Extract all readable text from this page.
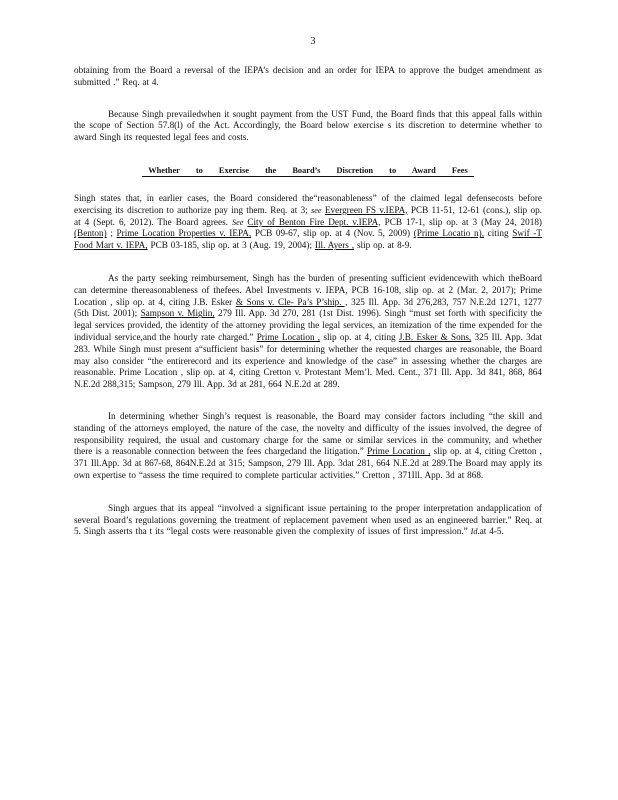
3

obtaining from the Board a reversal of the IEPA’s decision and an order for IEPA to approve the budget amendment as submitted .” Req. at 4.

Because Singh prevailedwhen it sought payment from the UST Fund, the Board finds that this appeal falls within the scope of Section 57.8(l) of the Act. Accordingly, the Board below exercise s its discretion to determine whether to award Singh its requested legal fees and costs.

Whether to Exercise the Board’s Discretion to Award Fees

Singh states that, in earlier cases, the Board considered the“reasonableness” of the claimed legal defensecosts before exercising its discretion to authorize pay ing them. Req. at 3; see Evergreen FS v.IEPA, PCB 11-51, 12-61 (cons.), slip op. at 4 (Sept. 6, 2012). The Board agrees. See City of Benton Fire Dept. v.IEPA, PCB 17-1, slip op. at 3 (May 24, 2018) (Benton) ; Prime Location Properties v. IEPA, PCB 09-67, slip op. at 4 (Nov. 5, 2009) (Prime Locatio n), citing Swif -T Food Mart v. IEPA, PCB 03-185, slip op. at 3 (Aug. 19, 2004); Ill. Ayers , slip op. at 8-9.

As the party seeking reimbursement, Singh has the burden of presenting sufficient evidencewith which theBoard can determine thereasonableness of thefees. Abel Investments v. IEPA, PCB 16-108, slip op. at 2 (Mar. 2, 2017); Prime Location , slip op. at 4, citing J.B. Esker & Sons v. Cle- Pa’s P’ship. , 325 Ill. App. 3d 276,283, 757 N.E.2d 1271, 1277 (5th Dist. 2001); Sampson v. Miglin, 279 Ill. App. 3d 270, 281 (1st Dist. 1996). Singh “must set forth with specificity the legal services provided, the identity of the attorney providing the legal services, an itemization of the time expended for the individual service,and the hourly rate charged.” Prime Location , slip op. at 4, citing J.B. Esker & Sons, 325 Ill. App. 3dat 283. While Singh must present a“sufficient basis” for determining whether the requested charges are reasonable, the Board may also consider “the entirerecord and its experience and knowledge of the case” in assessing whether the charges are reasonable. Prime Location , slip op. at 4, citing Cretton v. Protestant Mem’l. Med. Cent., 371 Ill. App. 3d 841, 868, 864 N.E.2d 288,315; Sampson, 279 Ill. App. 3d at 281, 664 N.E.2d at 289.

In determining whether Singh’s request is reasonable, the Board may consider factors including “the skill and standing of the attorneys employed, the nature of the case, the novelty and difficulty of the issues involved, the degree of responsibility required, the usual and customary charge for the same or similar services in the community, and whether there is a reasonable connection between the fees chargedand the litigation.” Prime Location , slip op. at 4, citing Cretton , 371 Ill.App. 3d at 867-68, 864N.E.2d at 315; Sampson, 279 Ill. App. 3dat 281, 664 N.E.2d at 289.The Board may apply its own expertise to “assess the time required to complete particular activities.” Cretton , 371Ill. App. 3d at 868.

Singh argues that its appeal “involved a significant issue pertaining to the proper interpretation andapplication of several Board’s regulations governing the treatment of replacement pavement when used as an engineered barrier.” Req. at 5. Singh asserts tha t its “legal costs were reasonable given the complexity of issues of first impression.” Id.at 4-5.
